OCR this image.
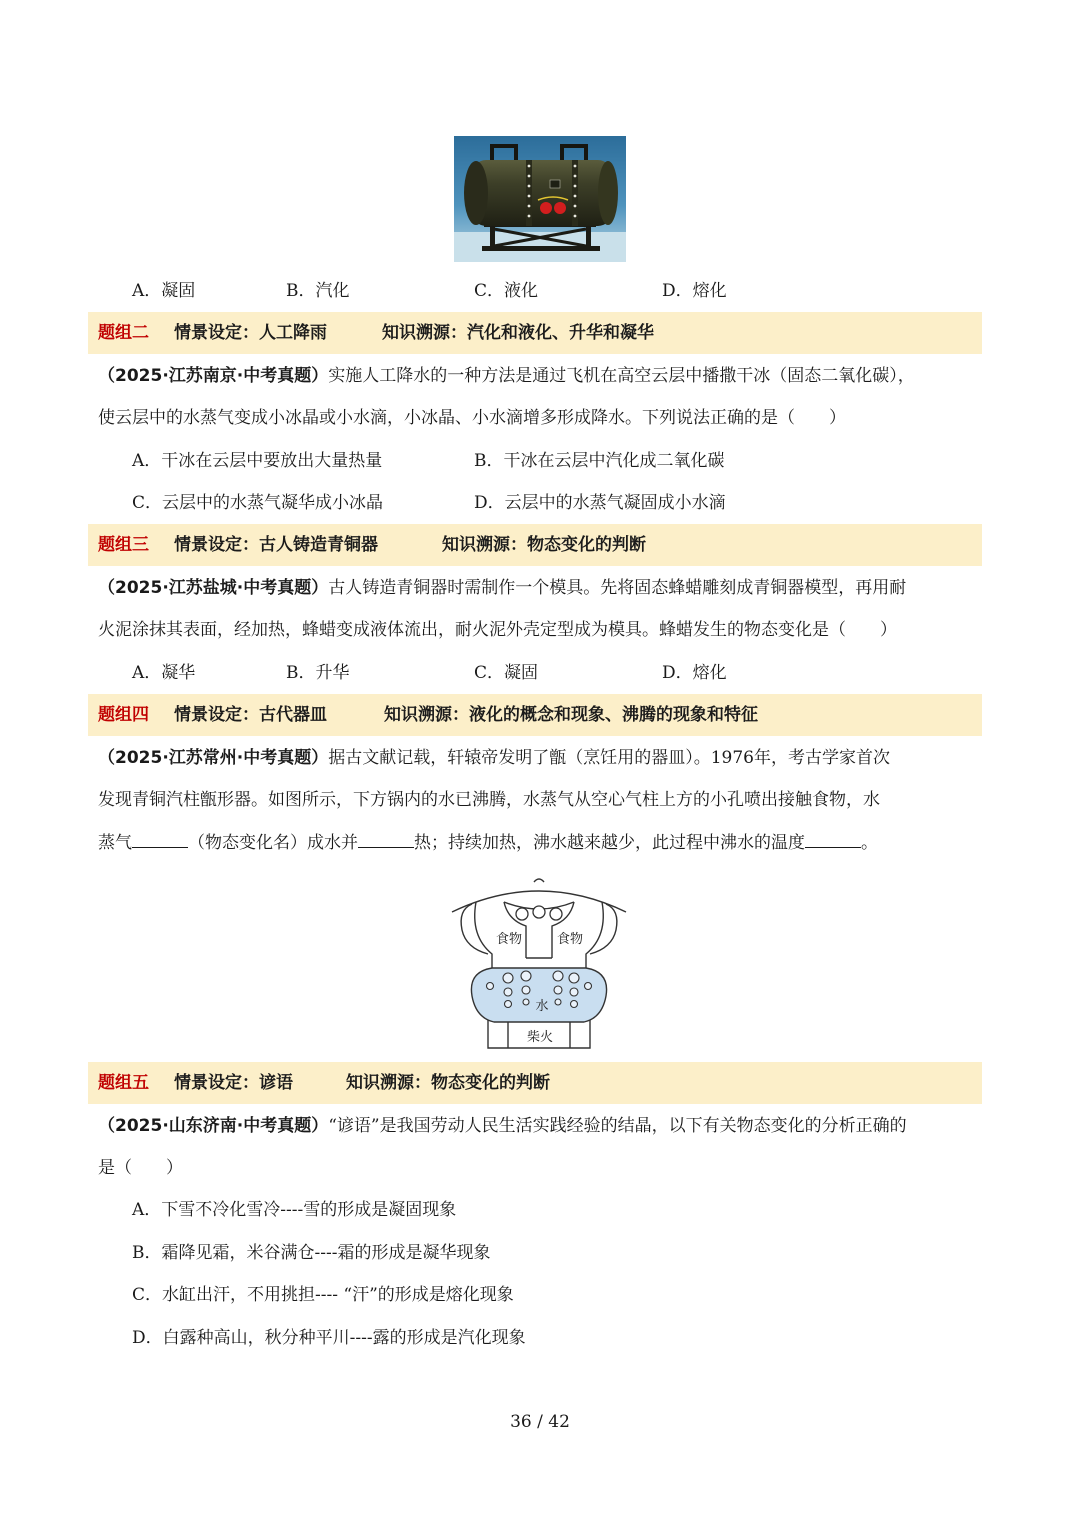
A．凝固	B．汽化	C．液化	D．熔化
题组二 情景设定：人工降雨	知识溯源：汽化和液化、升华和凝华
（2025·江苏南京·中考真题）实施人工降水的一种方法是通过飞机在高空云层中播撒干冰（固态二氧化碳），
使云层中的水蒸气变成小冰晶或小水滴，小冰晶、小水滴增多形成降水。下列说法正确的是（　　）
A．干冰在云层中要放出大量热量	B．干冰在云层中汽化成二氧化碳
C．云层中的水蒸气凝华成小冰晶	D．云层中的水蒸气凝固成小水滴
题组三 情景设定：古人铸造青铜器	知识溯源：物态变化的判断
（2025·江苏盐城·中考真题）古人铸造青铜器时需制作一个模具。先将固态蜂蜡雕刻成青铜器模型，再用耐
火泥涂抹其表面，经加热，蜂蜡变成液体流出，耐火泥外壳定型成为模具。蜂蜡发生的物态变化是（　　）
A．凝华	B．升华	C．凝固	D．熔化
题组四 情景设定：古代器皿	知识溯源：液化的概念和现象、沸腾的现象和特征
（2025·江苏常州·中考真题）据古文献记载，轩辕帝发明了甑（烹饪用的器皿）。1976年，考古学家首次
发现青铜汽柱甑形器。如图所示，下方锅内的水已沸腾，水蒸气从空心气柱上方的小孔喷出接触食物，水
蒸气	（物态变化名）成水并	热；持续加热，沸水越来越少，此过程中沸水的温度	。
食物	食物
水
柴火
题组五 情景设定：谚语	知识溯源：物态变化的判断
（2025·山东济南·中考真题）“谚语”是我国劳动人民生活实践经验的结晶，以下有关物态变化的分析正确的
是（　　）
A．下雪不冷化雪冷----雪的形成是凝固现象
B．霜降见霜，米谷满仓----霜的形成是凝华现象
C．水缸出汗，不用挑担---- “汗”的形成是熔化现象
D．白露种高山，秋分种平川----露的形成是汽化现象
36 / 42
